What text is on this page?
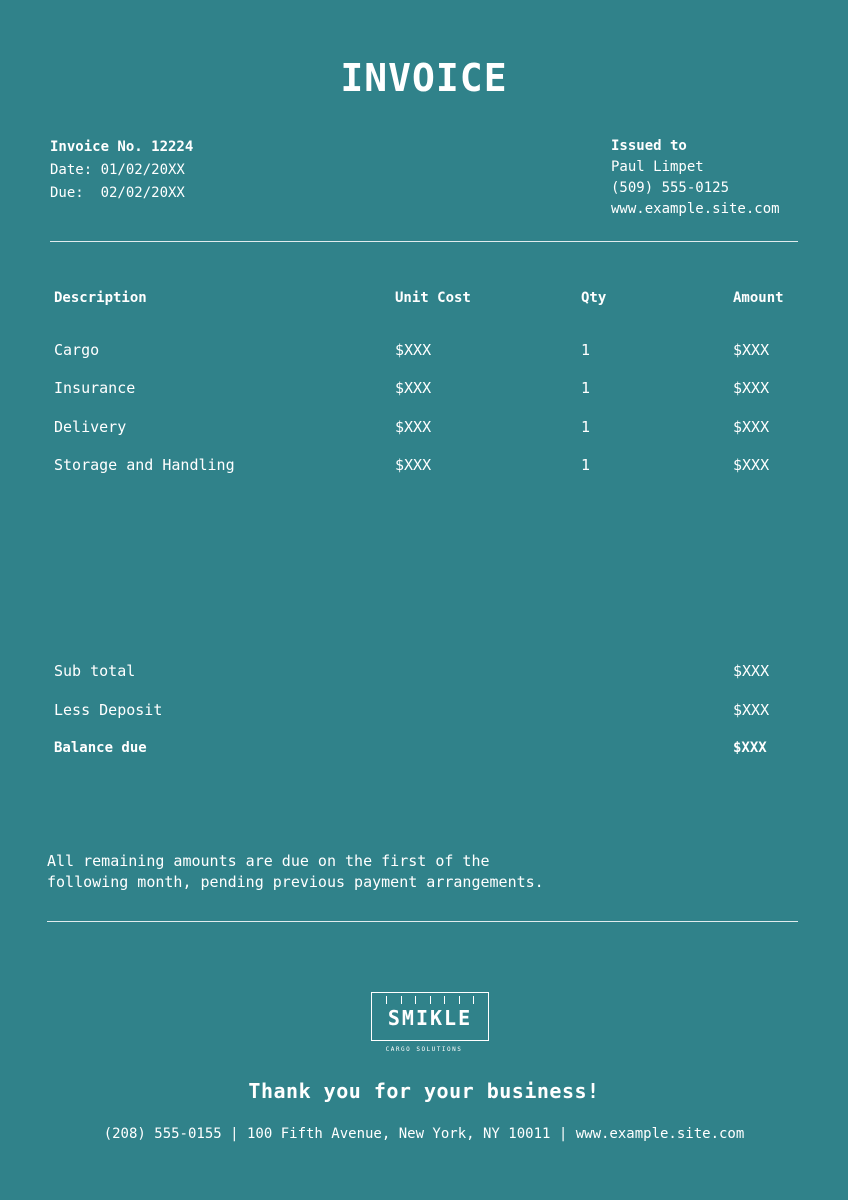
INVOICE
Invoice No. 12224
Date: 01/02/20XX
Due:  02/02/20XX
Issued to
Paul Limpet
(509) 555-0125
www.example.site.com
Description	Unit Cost	Qty	Amount
Cargo	$XXX	1	$XXX
Insurance	$XXX	1	$XXX
Delivery	$XXX	1	$XXX
Storage and Handling	$XXX	1	$XXX
Sub total	$XXX
Less Deposit	$XXX
Balance due	$XXX
All remaining amounts are due on the first of the
following month, pending previous payment arrangements.
SMIKLE
CARGO SOLUTIONS
Thank you for your business!
(208) 555-0155 | 100 Fifth Avenue, New York, NY 10011 | www.example.site.com
